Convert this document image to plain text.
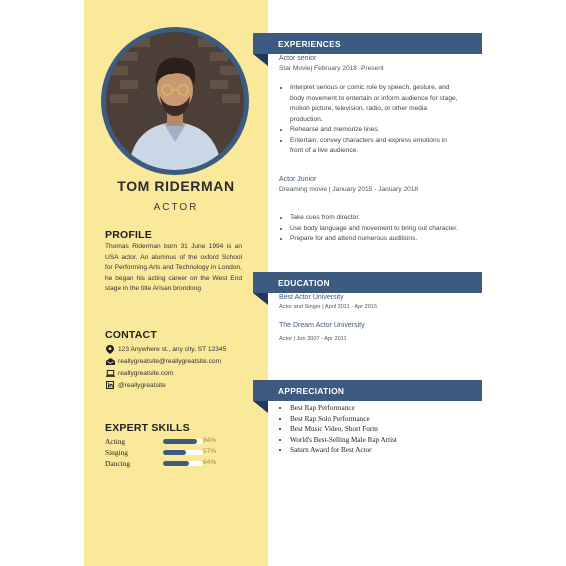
TOM RIDERMAN
ACTOR
PROFILE
Thomas Riderman born 31 June 1994 is an USA actor. An alumnus of the oxford School for Performing Arts and Technology in London, he began his acting career on the West End stage in the title Arisan brondong
CONTACT
123 Anywhere st., any city, ST 12345
reallygreatsite@reallygreatsite.com
reallygreatsite.com
@reallygreatsite
EXPERT SKILLS
Acting	84%
Singing	57%
Dancing	64%
EXPERIENCES
Actor senior
Star Movie| February 2018 -Present
• Interpret serious or comic role by speech, gesture, and body movement to entertain or inform audience for stage, motion picture, television, radio, or other media production.
• Rehearse and memorize lines.
• Entertain, convey characters and express emotions in front of a live audience.
Actor Junior
Dreaming movie | January 2015 - January 2018
• Take cues from director.
• Use body language and movement to bring out character.
• Prepare for and attend numerous auditions.
EDUCATION
Best Actor University
Actor and Singer | April 2011 - Apr 2015
The Dream Actor University
Actor | Jun 2007 - Apr 2011
APPRECIATION
• Best Rap Performance
• Best Rap Solo Performance
• Best Music Video, Short Form
• World's Best-Selling Male Rap Artist
• Saturn Award for Best Actor
